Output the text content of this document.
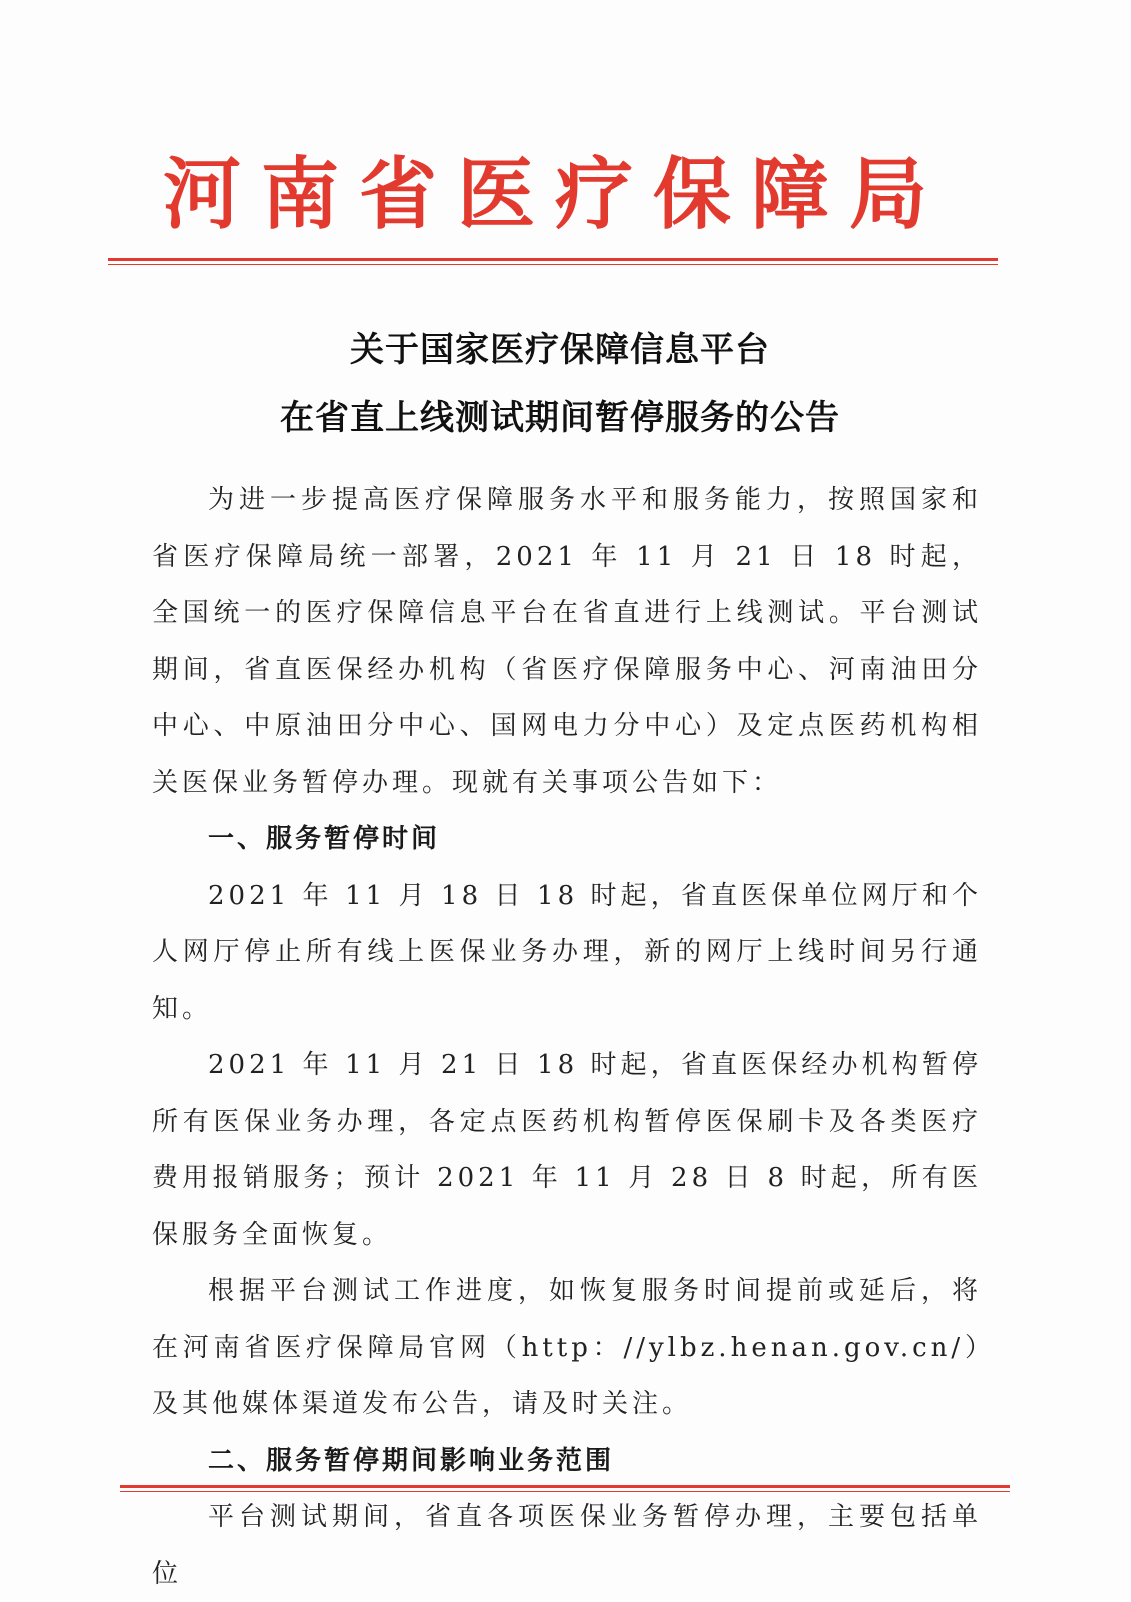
河南省医疗保障局
关于国家医疗保障信息平台
在省直上线测试期间暂停服务的公告

为进一步提高医疗保障服务水平和服务能力，按照国家和省医疗保障局统一部署，2021 年 11 月 21 日 18 时起，全国统一的医疗保障信息平台在省直进行上线测试。平台测试期间，省直医保经办机构（省医疗保障服务中心、河南油田分中心、中原油田分中心、国网电力分中心）及定点医药机构相关医保业务暂停办理。现就有关事项公告如下：

一、服务暂停时间

2021 年 11 月 18 日 18 时起，省直医保单位网厅和个人网厅停止所有线上医保业务办理，新的网厅上线时间另行通知。

2021 年 11 月 21 日 18 时起，省直医保经办机构暂停所有医保业务办理，各定点医药机构暂停医保刷卡及各类医疗费用报销服务；预计 2021 年 11 月 28 日 8 时起，所有医保服务全面恢复。

根据平台测试工作进度，如恢复服务时间提前或延后，将在河南省医疗保障局官网（http：//ylbz.henan.gov.cn/）及其他媒体渠道发布公告，请及时关注。

二、服务暂停期间影响业务范围

平台测试期间，省直各项医保业务暂停办理，主要包括单位
